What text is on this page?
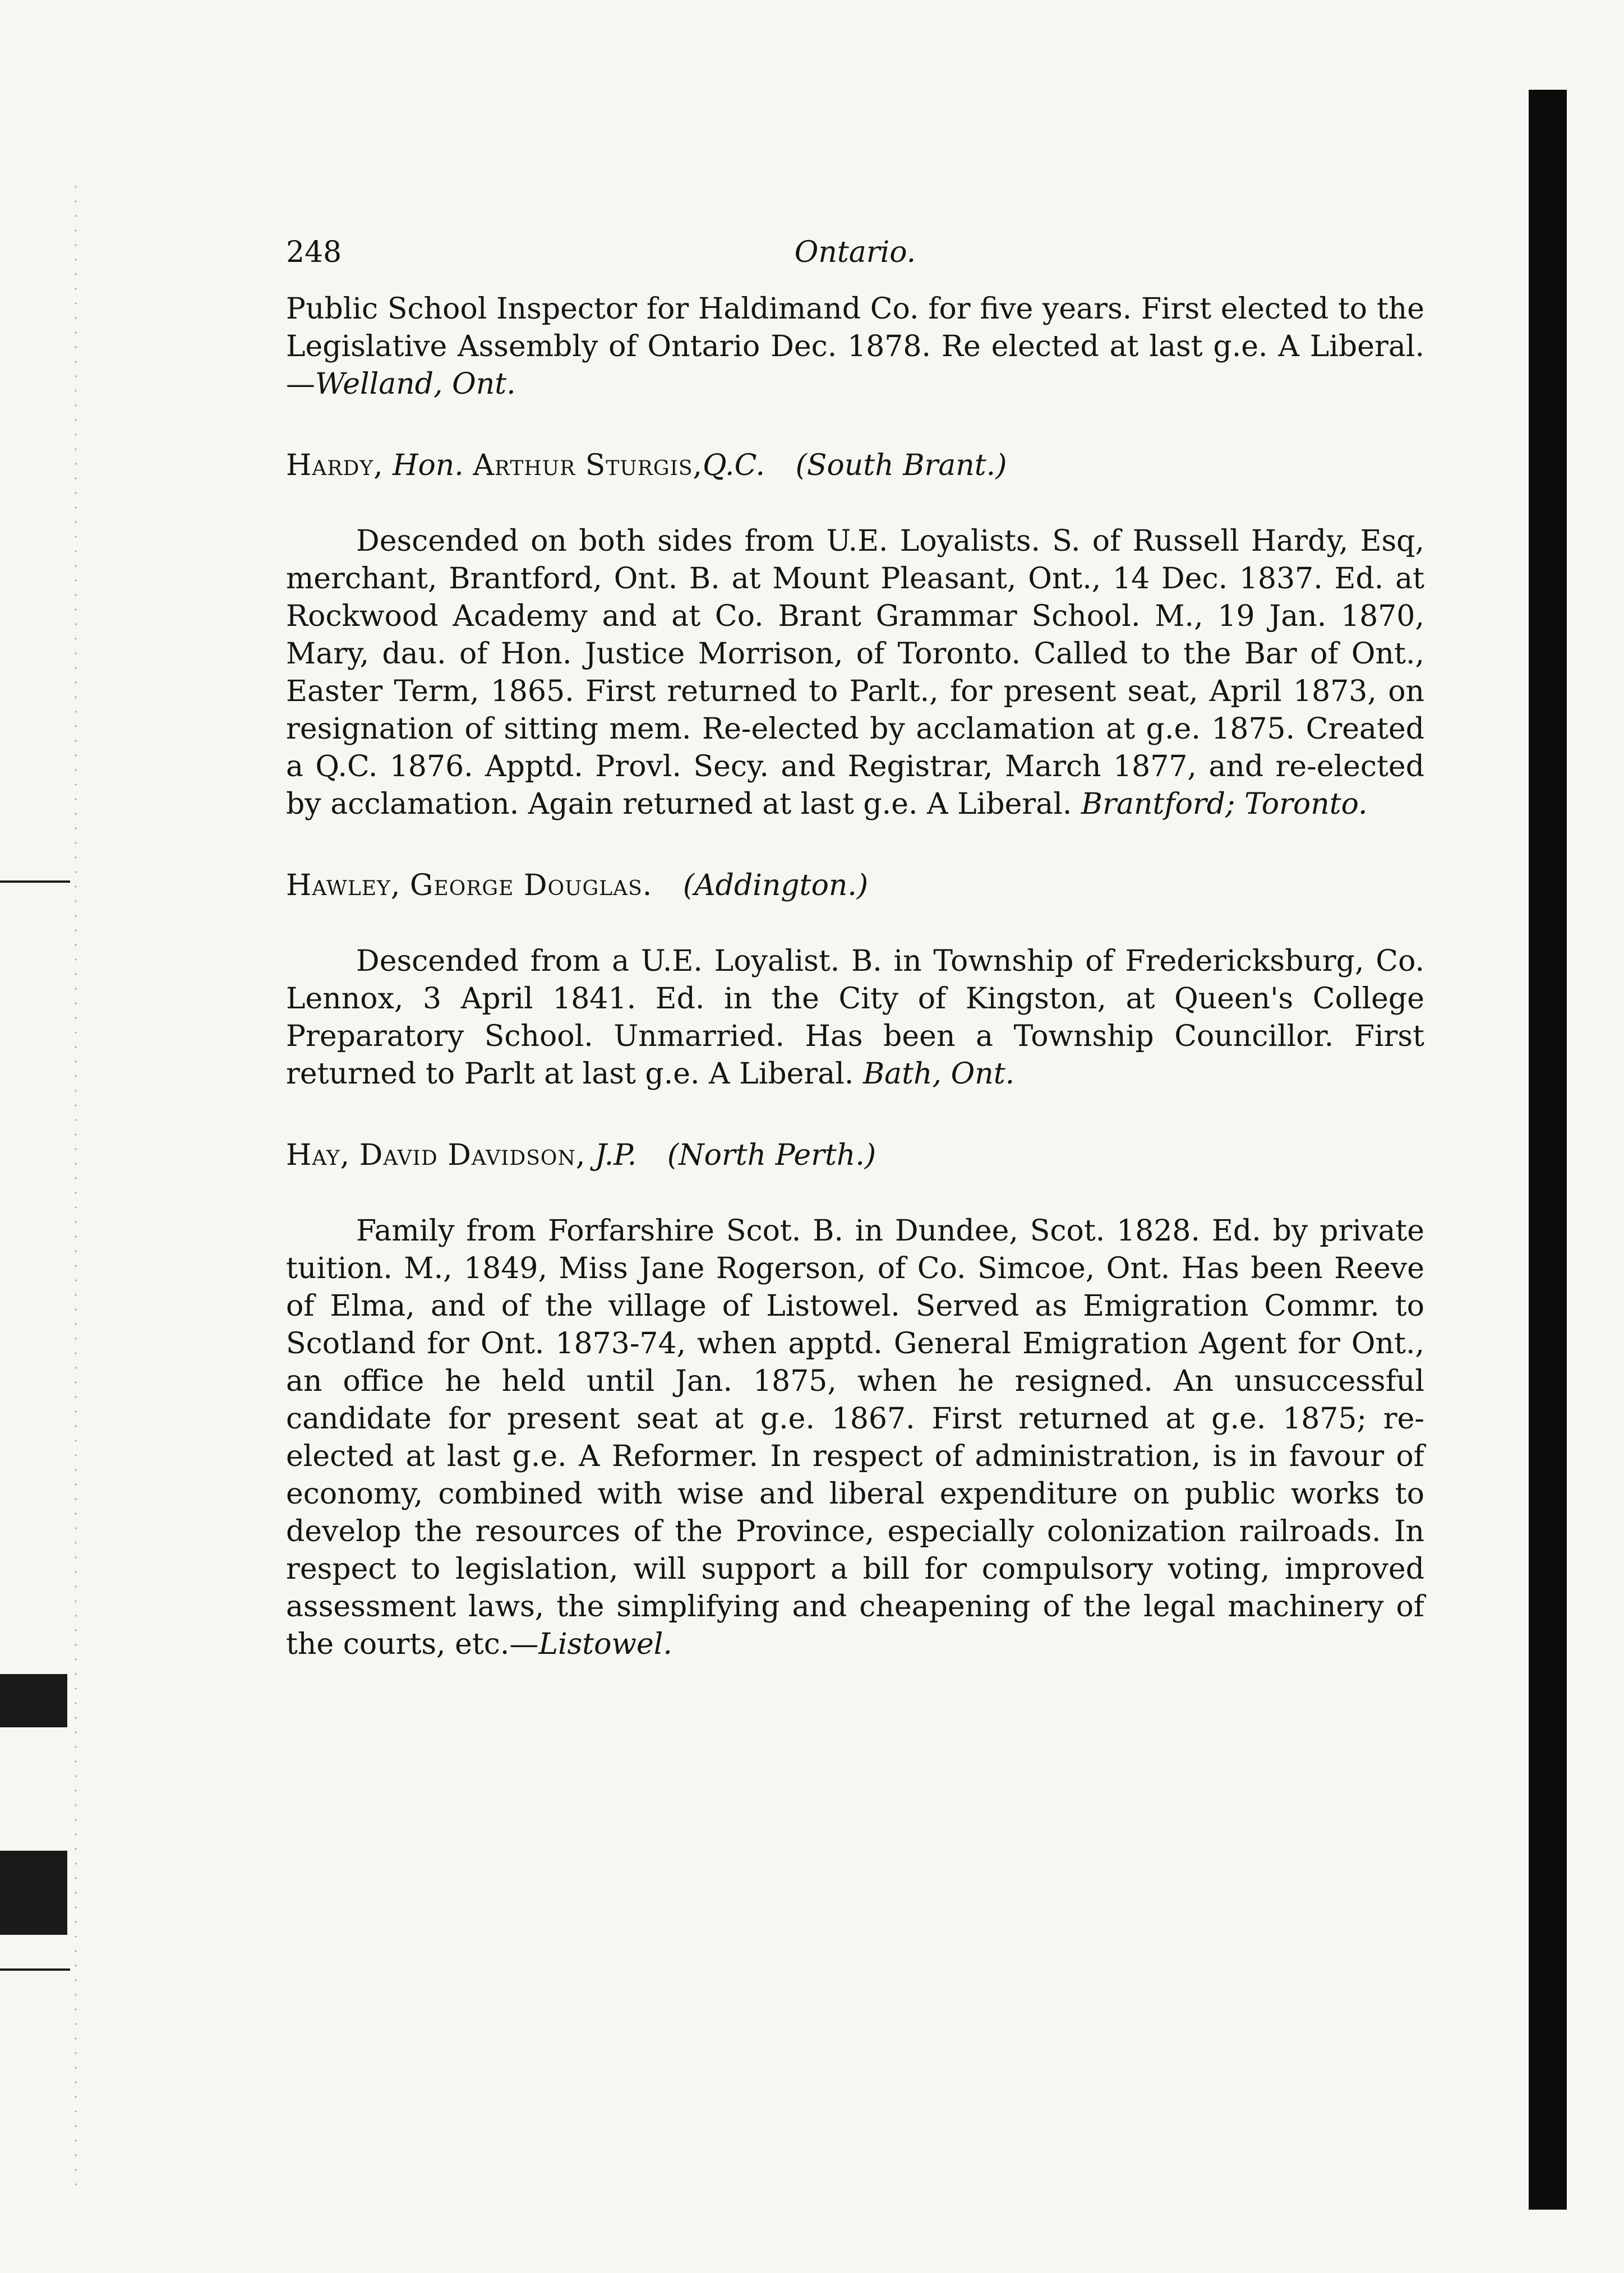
248	Ontario.

Public School Inspector for Haldimand Co. for five years. First elected to the Legislative Assembly of Ontario Dec. 1878. Re elected at last g.e. A Liberal.—Welland, Ont.

Hardy, Hon. Arthur Sturgis,Q.C. (South Brant.)

Descended on both sides from U.E. Loyalists. S. of Russell Hardy, Esq, merchant, Brantford, Ont. B. at Mount Pleasant, Ont., 14 Dec. 1837. Ed. at Rockwood Academy and at Co. Brant Grammar School. M., 19 Jan. 1870, Mary, dau. of Hon. Justice Morrison, of Toronto. Called to the Bar of Ont., Easter Term, 1865. First returned to Parlt., for present seat, April 1873, on resignation of sitting mem. Re-elected by acclamation at g.e. 1875. Created a Q.C. 1876. Apptd. Provl. Secy. and Registrar, March 1877, and re-elected by acclamation. Again returned at last g.e. A Liberal. Brantford; Toronto.

Hawley, George Douglas. (Addington.)

Descended from a U.E. Loyalist. B. in Township of Fredericksburg, Co. Lennox, 3 April 1841. Ed. in the City of Kingston, at Queen's College Preparatory School. Unmarried. Has been a Township Councillor. First returned to Parlt at last g.e. A Liberal. Bath, Ont.

Hay, David Davidson, J.P. (North Perth.)

Family from Forfarshire Scot. B. in Dundee, Scot. 1828. Ed. by private tuition. M., 1849, Miss Jane Rogerson, of Co. Simcoe, Ont. Has been Reeve of Elma, and of the village of Listowel. Served as Emigration Commr. to Scotland for Ont. 1873-74, when apptd. General Emigration Agent for Ont., an office he held until Jan. 1875, when he resigned. An unsuccessful candidate for present seat at g.e. 1867. First returned at g.e. 1875; re-elected at last g.e. A Reformer. In respect of administration, is in favour of economy, combined with wise and liberal expenditure on public works to develop the resources of the Province, especially colonization railroads. In respect to legislation, will support a bill for compulsory voting, improved assessment laws, the simplifying and cheapening of the legal machinery of the courts, etc.—Listowel.
